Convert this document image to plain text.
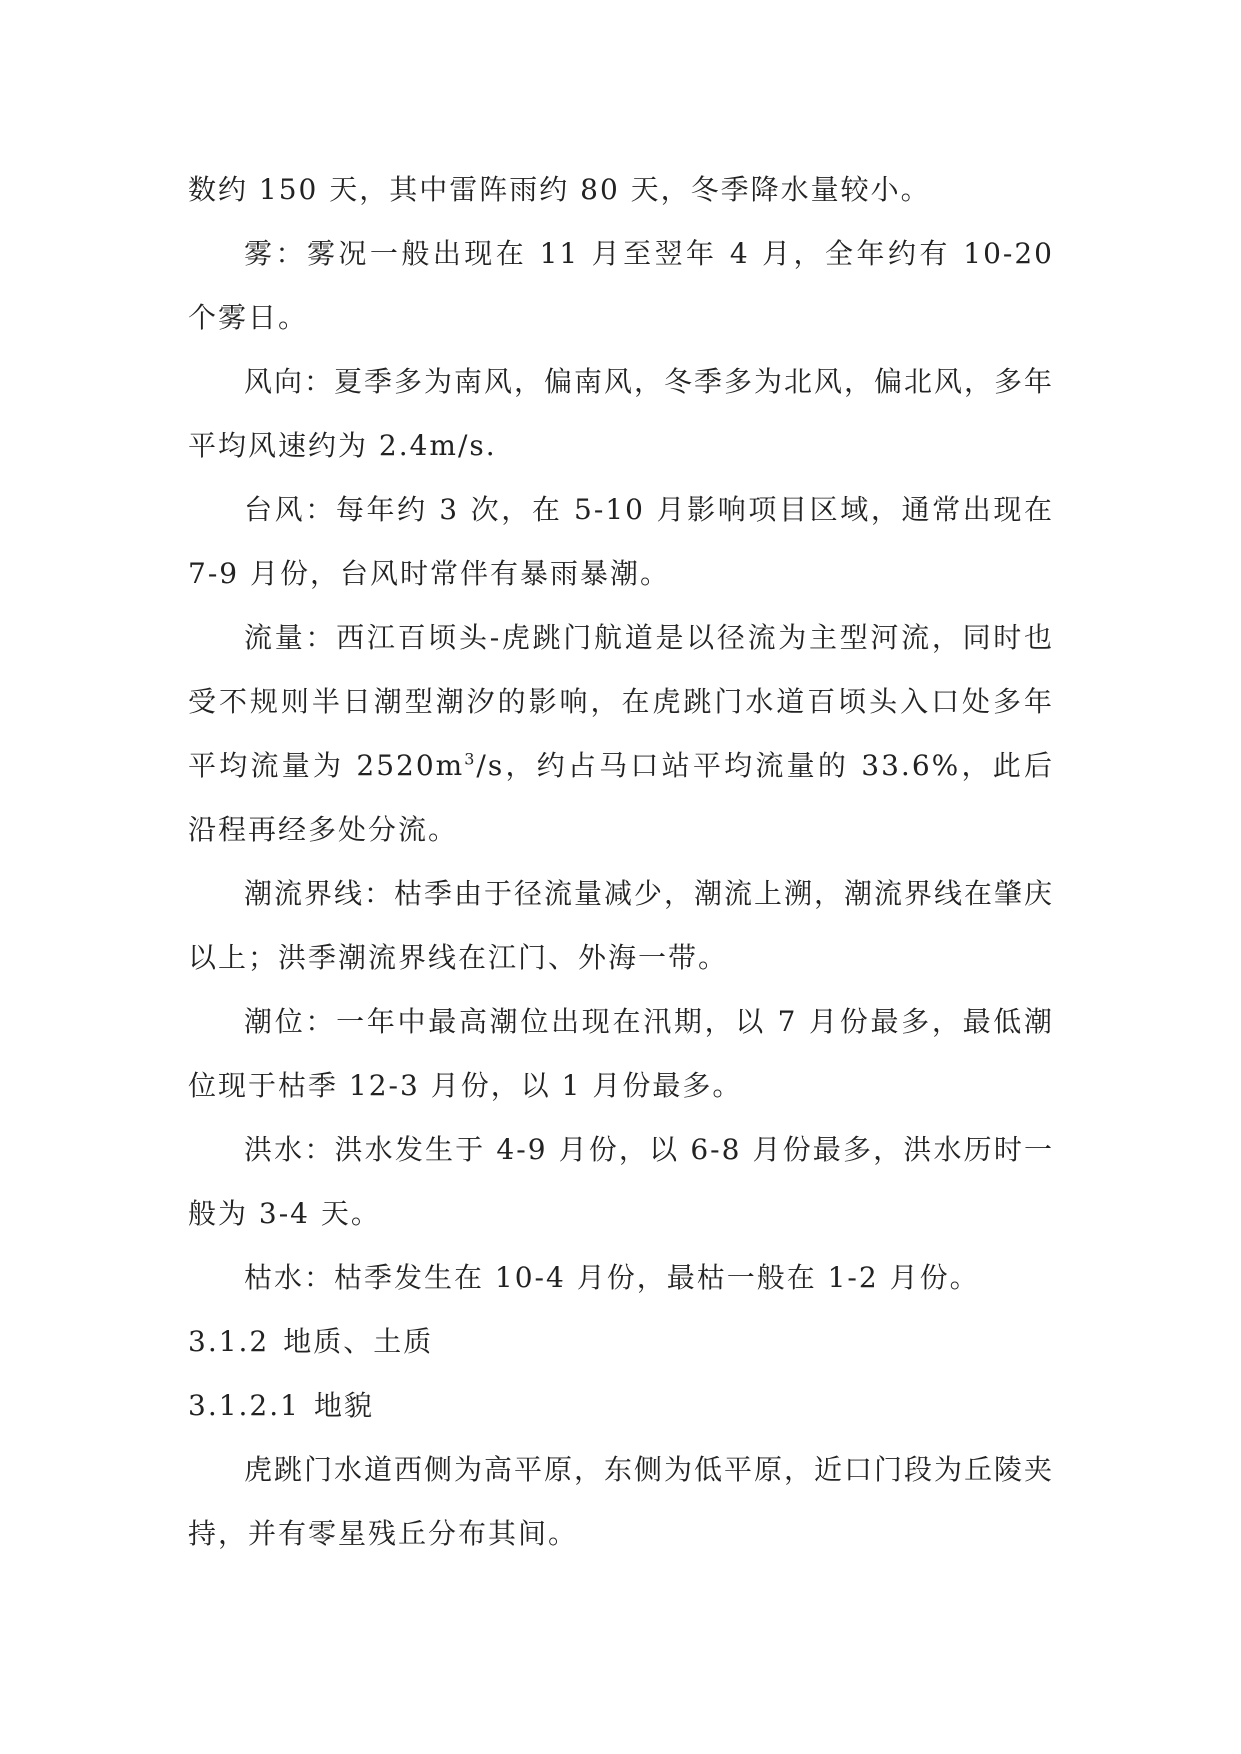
数约 150 天，其中雷阵雨约 80 天，冬季降水量较小。

雾：雾况一般出现在 11 月至翌年 4 月，全年约有 10-20 个雾日。

风向：夏季多为南风，偏南风，冬季多为北风，偏北风，多年平均风速约为 2.4m/s.

台风：每年约 3 次，在 5-10 月影响项目区域，通常出现在 7-9 月份，台风时常伴有暴雨暴潮。

流量：西江百顷头-虎跳门航道是以径流为主型河流，同时也受不规则半日潮型潮汐的影响，在虎跳门水道百顷头入口处多年平均流量为 $2520m^3/s$，约占马口站平均流量的 33.6%，此后沿程再经多处分流。

潮流界线：枯季由于径流量减少，潮流上溯，潮流界线在肇庆以上；洪季潮流界线在江门、外海一带。

潮位：一年中最高潮位出现在汛期，以 7 月份最多，最低潮位现于枯季 12-3 月份，以 1 月份最多。

洪水：洪水发生于 4-9 月份，以 6-8 月份最多，洪水历时一般为 3-4 天。

枯水：枯季发生在 10-4 月份，最枯一般在 1-2 月份。

3.1.2 地质、土质

3.1.2.1 地貌

虎跳门水道西侧为高平原，东侧为低平原，近口门段为丘陵夹持，并有零星残丘分布其间。
